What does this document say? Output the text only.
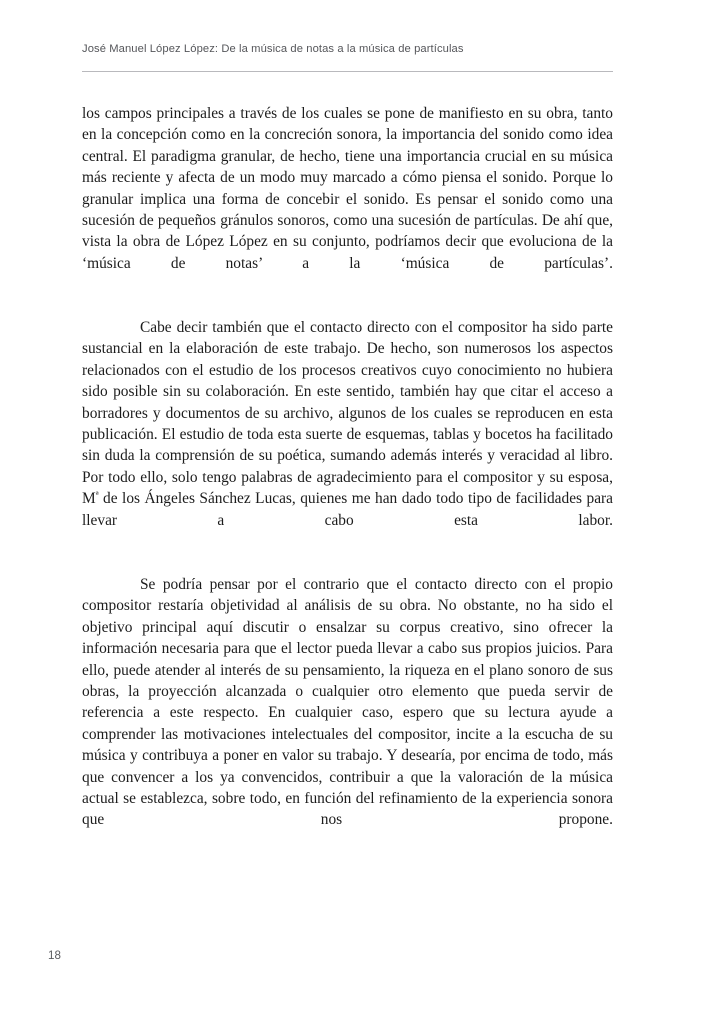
José Manuel López López: De la música de notas a la música de partículas

los campos principales a través de los cuales se pone de manifiesto en su obra, tanto en la concepción como en la concreción sonora, la importancia del sonido como idea central. El paradigma granular, de hecho, tiene una importancia crucial en su música más reciente y afecta de un modo muy marcado a cómo piensa el sonido. Porque lo granular implica una forma de concebir el sonido. Es pensar el sonido como una sucesión de pequeños gránulos sonoros, como una sucesión de partículas. De ahí que, vista la obra de López López en su conjunto, podríamos decir que evoluciona de la ‘música de notas’ a la ‘música de partículas’.

Cabe decir también que el contacto directo con el compositor ha sido parte sustancial en la elaboración de este trabajo. De hecho, son numerosos los aspectos relacionados con el estudio de los procesos creativos cuyo conocimiento no hubiera sido posible sin su colaboración. En este sentido, también hay que citar el acceso a borradores y documentos de su archivo, algunos de los cuales se reproducen en esta publicación. El estudio de toda esta suerte de esquemas, tablas y bocetos ha facilitado sin duda la comprensión de su poética, sumando además interés y veracidad al libro. Por todo ello, solo tengo palabras de agradecimiento para el compositor y su esposa, $M^ª$ de los Ángeles Sánchez Lucas, quienes me han dado todo tipo de facilidades para llevar a cabo esta labor.

Se podría pensar por el contrario que el contacto directo con el propio compositor restaría objetividad al análisis de su obra. No obstante, no ha sido el objetivo principal aquí discutir o ensalzar su corpus creativo, sino ofrecer la información necesaria para que el lector pueda llevar a cabo sus propios juicios. Para ello, puede atender al interés de su pensamiento, la riqueza en el plano sonoro de sus obras, la proyección alcanzada o cualquier otro elemento que pueda servir de referencia a este respecto. En cualquier caso, espero que su lectura ayude a comprender las motivaciones intelectuales del compositor, incite a la escucha de su música y contribuya a poner en valor su trabajo. Y desearía, por encima de todo, más que convencer a los ya convencidos, contribuir a que la valoración de la música actual se establezca, sobre todo, en función del refinamiento de la experiencia sonora que nos propone.

18
